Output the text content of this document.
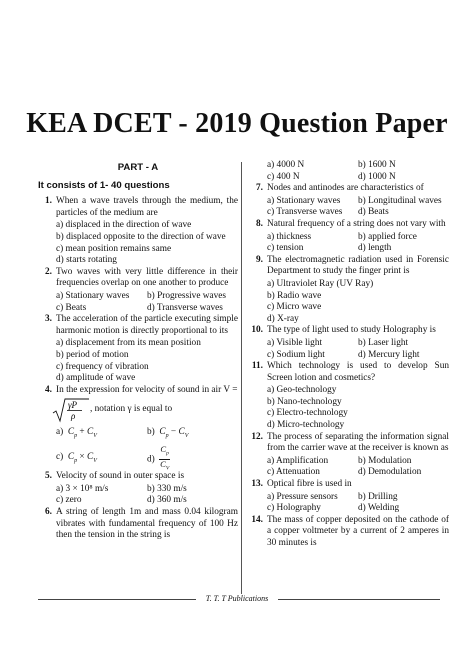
KEA DCET - 2019 Question Paper
PART - A
It consists of 1- 40 questions
1. When a wave travels through the medium, the particles of the medium are
a) displaced in the direction of wave
b) displaced opposite to the direction of wave
c) mean position remains same
d) starts rotating
2. Two waves with very little difference in their frequencies overlap on one another to produce
a) Stationary waves	b) Progressive waves
c) Beats	d) Transverse waves
3. The acceleration of the particle executing simple harmonic motion is directly proportional to its
a) displacement from its mean position
b) period of motion
c) frequency of vibration
d) amplitude of wave
4. In the expression for velocity of sound in air V =
γP
ρ
, notation γ is equal to
a) $C_p + C_V$	b) $C_p - C_V$
c) $C_p \times C_V$	$d) \frac{C_p}{C_V}$
5. Velocity of sound in outer space is
a) 3 × 10⁸ m/s	b) 330 m/s
c) zero	d) 360 m/s
6. A string of length 1m and mass 0.04 kilogram vibrates with fundamental frequency of 100 Hz then the tension in the string is
a) 4000 N	b) 1600 N
c) 400 N	d) 1000 N
7. Nodes and antinodes are characteristics of
a) Stationary waves	b) Longitudinal waves
c) Transverse waves	d) Beats
8. Natural frequency of a string does not vary with
a) thickness	b) applied force
c) tension	d) length
9. The electromagnetic radiation used in Forensic Department to study the finger print is
a) Ultraviolet Ray (UV Ray)
b) Radio wave
c) Micro wave
d) X-ray
10. The type of light used to study Holography is
a) Visible light	b) Laser light
c) Sodium light	d) Mercury light
11. Which technology is used to develop Sun Screen lotion and cosmetics?
a) Geo-technology
b) Nano-technology
c) Electro-technology
d) Micro-technology
12. The process of separating the information signal from the carrier wave at the receiver is known as
a) Amplification	b) Modulation
c) Attenuation	d) Demodulation
13. Optical fibre is used in
a) Pressure sensors	b) Drilling
c) Holography	d) Welding
14. The mass of copper deposited on the cathode of a copper voltmeter by a current of 2 amperes in 30 minutes is
T. T. T Publications
